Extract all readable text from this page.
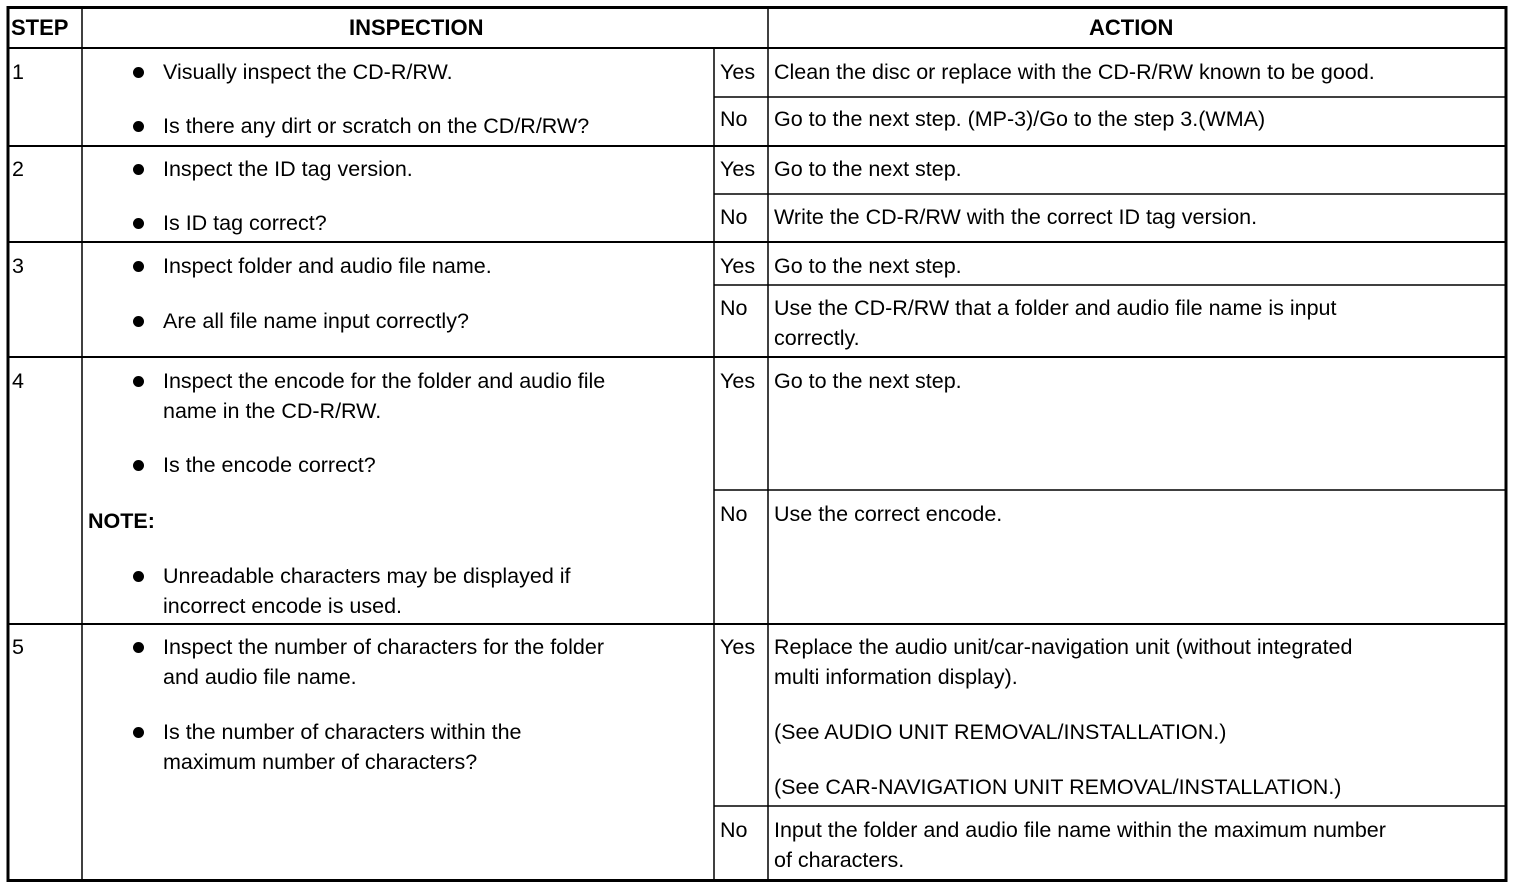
STEP	INSPECTION	ACTION
1	Visually inspect the CD-R/RW.
Is there any dirt or scratch on the CD/R/RW?
Yes Clean the disc or replace with the CD-R/RW known to be good.
No Go to the next step. (MP-3)/Go to the step 3.(WMA)
2	Inspect the ID tag version.
Is ID tag correct?
Yes Go to the next step.
No Write the CD-R/RW with the correct ID tag version.
3	Inspect folder and audio file name.
Are all file name input correctly?
Yes Go to the next step.
No Use the CD-R/RW that a folder and audio file name is input
correctly.
4	Inspect the encode for the folder and audio file
name in the CD-R/RW.
Is the encode correct?
NOTE:
Unreadable characters may be displayed if
incorrect encode is used.
Yes Go to the next step.
No Use the correct encode.
5	Inspect the number of characters for the folder
and audio file name.
Is the number of characters within the
maximum number of characters?
Yes Replace the audio unit/car-navigation unit (without integrated
multi information display).
(See AUDIO UNIT REMOVAL/INSTALLATION.)
(See CAR-NAVIGATION UNIT REMOVAL/INSTALLATION.)
No Input the folder and audio file name within the maximum number
of characters.
